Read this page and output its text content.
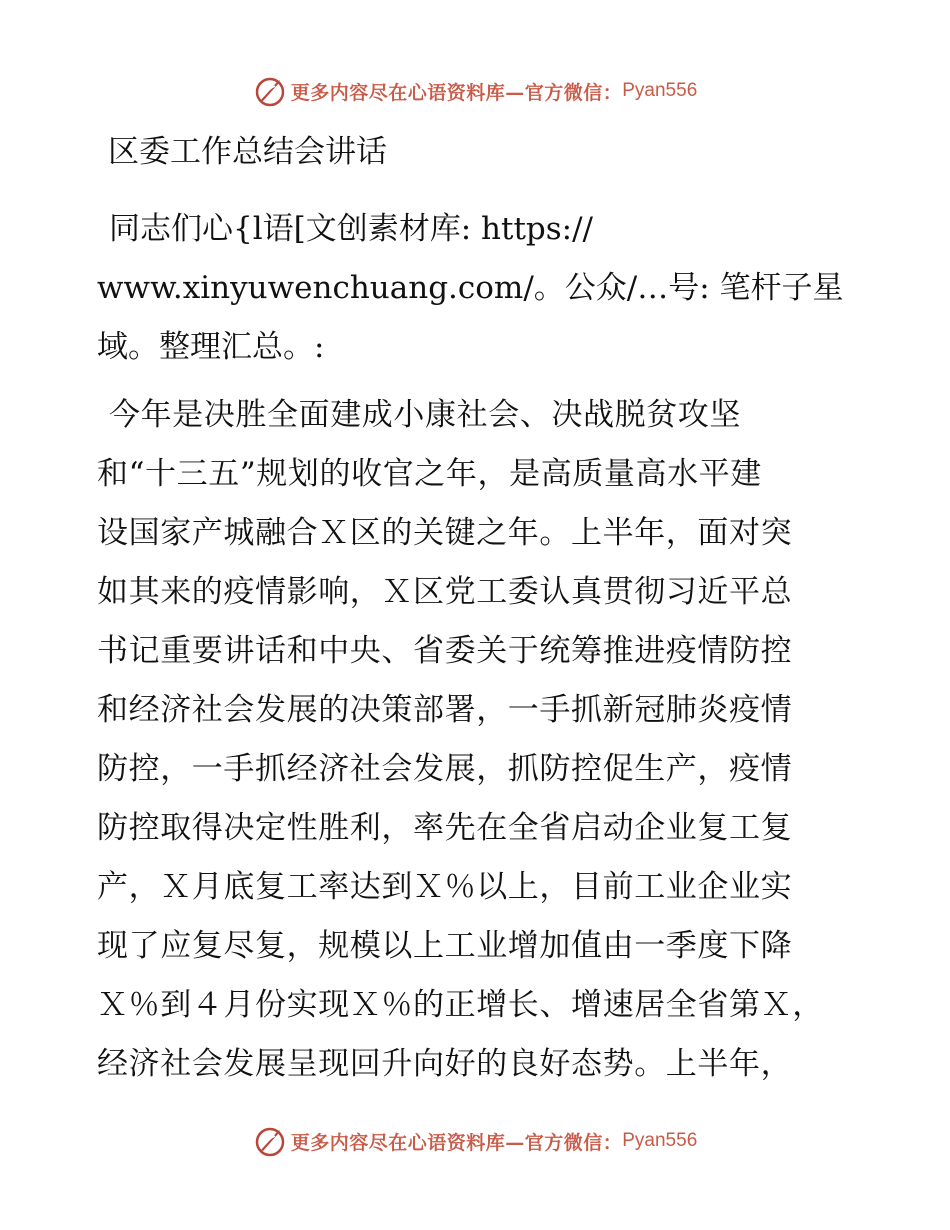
更多内容尽在心语资料库—官方微信： Pyan556
区委工作总结会讲话
同志们心{l语[文创素材库: https://
www.xinyuwenchuang.com/。公众/…号: 笔杆子星
域。整理汇总。:
今年是决胜全面建成小康社会、决战脱贫攻坚
和“十三五”规划的收官之年，是高质量高水平建
设国家产城融合Ｘ区的关键之年。上半年，面对突
如其来的疫情影响，Ｘ区党工委认真贯彻习近平总
书记重要讲话和中央、省委关于统筹推进疫情防控
和经济社会发展的决策部署，一手抓新冠肺炎疫情
防控，一手抓经济社会发展，抓防控促生产，疫情
防控取得决定性胜利，率先在全省启动企业复工复
产，Ｘ月底复工率达到Ｘ％以上，目前工业企业实
现了应复尽复，规模以上工业增加值由一季度下降
Ｘ％到４月份实现Ｘ％的正增长、增速居全省第Ｘ，
经济社会发展呈现回升向好的良好态势。上半年，
更多内容尽在心语资料库—官方微信： Pyan556
